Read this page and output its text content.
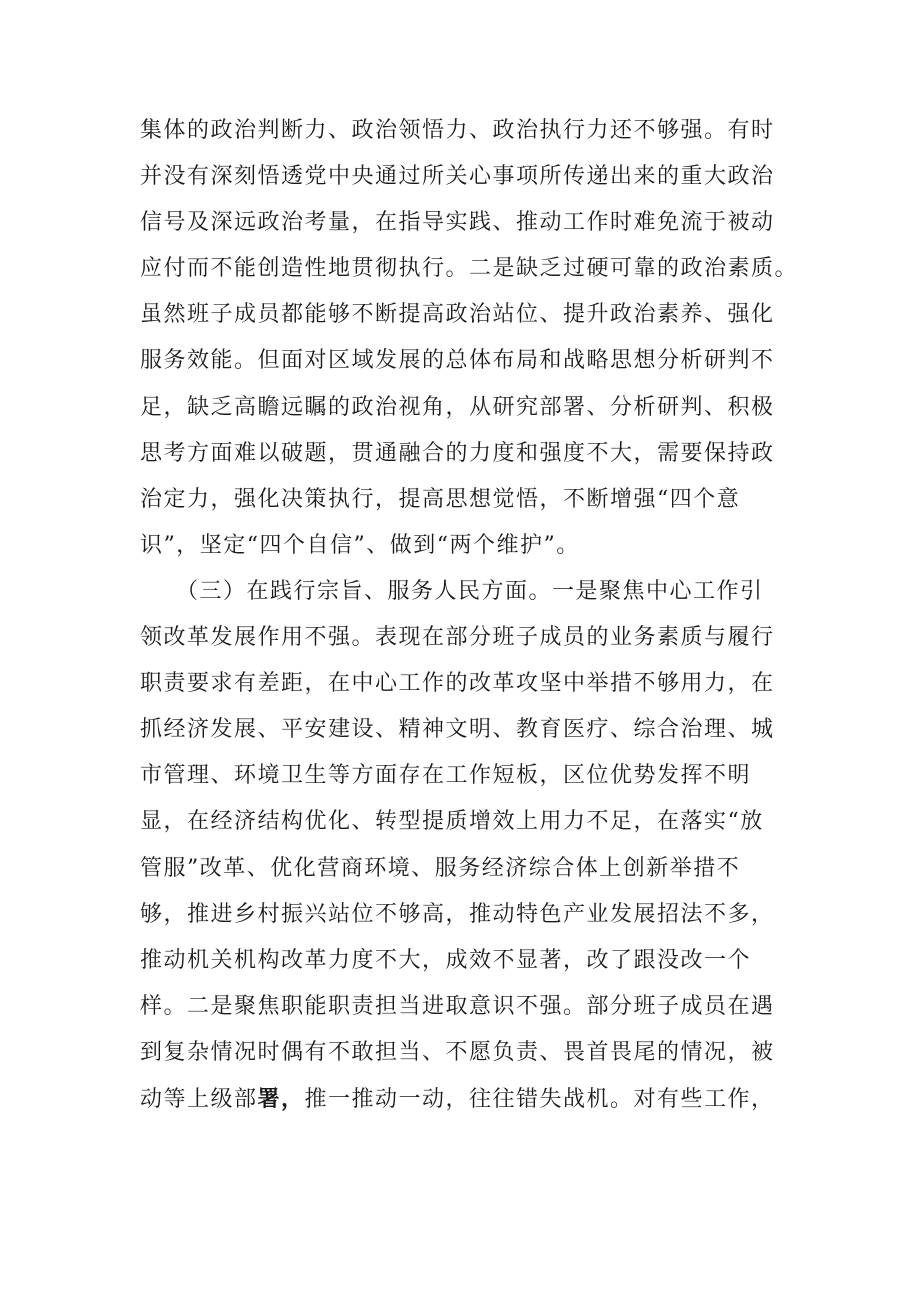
集体的政治判断力、政治领悟力、政治执行力还不够强。有时
并没有深刻悟透党中央通过所关心事项所传递出来的重大政治
信号及深远政治考量，在指导实践、推动工作时难免流于被动
应付而不能创造性地贯彻执行。二是缺乏过硬可靠的政治素质。
虽然班子成员都能够不断提高政治站位、提升政治素养、强化
服务效能。但面对区域发展的总体布局和战略思想分析研判不
足，缺乏高瞻远瞩的政治视角，从研究部署、分析研判、积极
思考方面难以破题，贯通融合的力度和强度不大，需要保持政
治定力，强化决策执行，提高思想觉悟，不断增强“四个意
识”，坚定“四个自信”、做到“两个维护”。
（三）在践行宗旨、服务人民方面。一是聚焦中心工作引
领改革发展作用不强。表现在部分班子成员的业务素质与履行
职责要求有差距，在中心工作的改革攻坚中举措不够用力，在
抓经济发展、平安建设、精神文明、教育医疗、综合治理、城
市管理、环境卫生等方面存在工作短板，区位优势发挥不明
显，在经济结构优化、转型提质增效上用力不足，在落实“放
管服”改革、优化营商环境、服务经济综合体上创新举措不
够，推进乡村振兴站位不够高，推动特色产业发展招法不多，
推动机关机构改革力度不大，成效不显著，改了跟没改一个
样。二是聚焦职能职责担当进取意识不强。部分班子成员在遇
到复杂情况时偶有不敢担当、不愿负责、畏首畏尾的情况，被
动等上级部署，推一推动一动，往往错失战机。对有些工作，
